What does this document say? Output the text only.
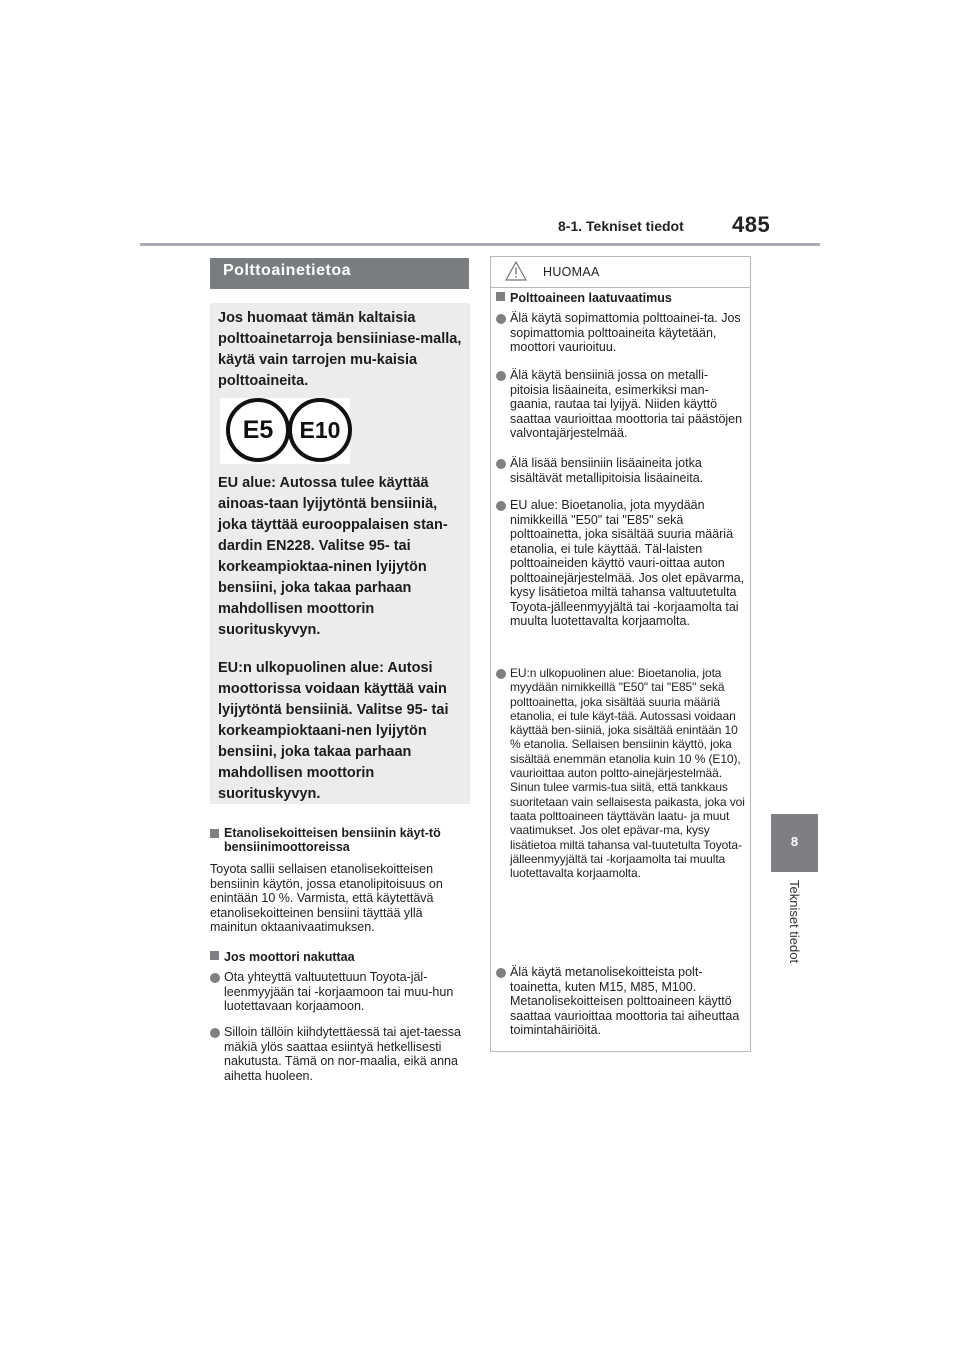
8-1. Tekniset tiedot 485
8
Tekniset tiedot
Polttoainetietoa
Jos huomaat tämän kaltaisia polttoainetarroja bensiiniase-malla, käytä vain tarrojen mu-kaisia polttoaineita.
E5	E10
EU alue: Autossa tulee käyttää ainoas-taan lyijytöntä bensiiniä, joka täyttää eurooppalaisen stan-dardin EN228. Valitse 95- tai korkeampioktaa-ninen lyijytön bensiini, joka takaa parhaan mahdollisen moottorin suorituskyvyn.
EU:n ulkopuolinen alue: Autosi moottorissa voidaan käyttää vain lyijytöntä bensiiniä. Valitse 95- tai korkeampioktaani-nen lyijytön bensiini, joka takaa parhaan mahdollisen moottorin suorituskyvyn.
Etanolisekoitteisen bensiinin käyt-tö bensiinimoottoreissa
Toyota sallii sellaisen etanolisekoitteisen bensiinin käytön, jossa etanolipitoisuus on enintään 10 %. Varmista, että käytettävä etanolisekoitteinen bensiini täyttää yllä mainitun oktaanivaatimuksen.
Jos moottori nakuttaa
Ota yhteyttä valtuutettuun Toyota-jäl-leenmyyjään tai -korjaamoon tai muu-hun luotettavaan korjaamoon.
Silloin tällöin kiihdytettäessä tai ajet-taessa mäkiä ylös saattaa esiintyä hetkellisesti nakutusta. Tämä on nor-maalia, eikä anna aihetta huoleen.
HUOMAA
Polttoaineen laatuvaatimus
Älä käytä sopimattomia polttoainei-ta. Jos sopimattomia polttoaineita käytetään, moottori vaurioituu.
Älä käytä bensiiniä jossa on metalli-pitoisia lisäaineita, esimerkiksi man-gaania, rautaa tai lyijyä. Niiden käyttö saattaa vaurioittaa moottoria tai päästöjen valvontajärjestelmää.
Älä lisää bensiiniin lisäaineita jotka sisältävät metallipitoisia lisäaineita.
EU alue: Bioetanolia, jota myydään nimikkeillä "E50" tai "E85" sekä polttoainetta, joka sisältää suuria määriä etanolia, ei tule käyttää. Täl-laisten polttoaineiden käyttö vauri-oittaa auton polttoainejärjestelmää. Jos olet epävarma, kysy lisätietoa miltä tahansa valtuutetulta Toyota-jälleenmyyjältä tai -korjaamolta tai muulta luotettavalta korjaamolta.
EU:n ulkopuolinen alue: Bioetanolia, jota myydään nimikkeillä "E50" tai "E85" sekä polttoainetta, joka sisältää suuria määriä etanolia, ei tule käyt-tää. Autossasi voidaan käyttää ben-siiniä, joka sisältää enintään 10 % etanolia. Sellaisen bensiinin käyttö, joka sisältää enemmän etanolia kuin 10 % (E10), vaurioittaa auton poltto-ainejärjestelmää. Sinun tulee varmis-tua siitä, että tankkaus suoritetaan vain sellaisesta paikasta, joka voi taata polttoaineen täyttävän laatu- ja muut vaatimukset. Jos olet epävar-ma, kysy lisätietoa miltä tahansa val-tuutetulta Toyota-jälleenmyyjältä tai -korjaamolta tai muulta luotettavalta korjaamolta.
Älä käytä metanolisekoitteista polt-toainetta, kuten M15, M85, M100. Metanolisekoitteisen polttoaineen käyttö saattaa vaurioittaa moottoria tai aiheuttaa toimintahäiriöitä.
